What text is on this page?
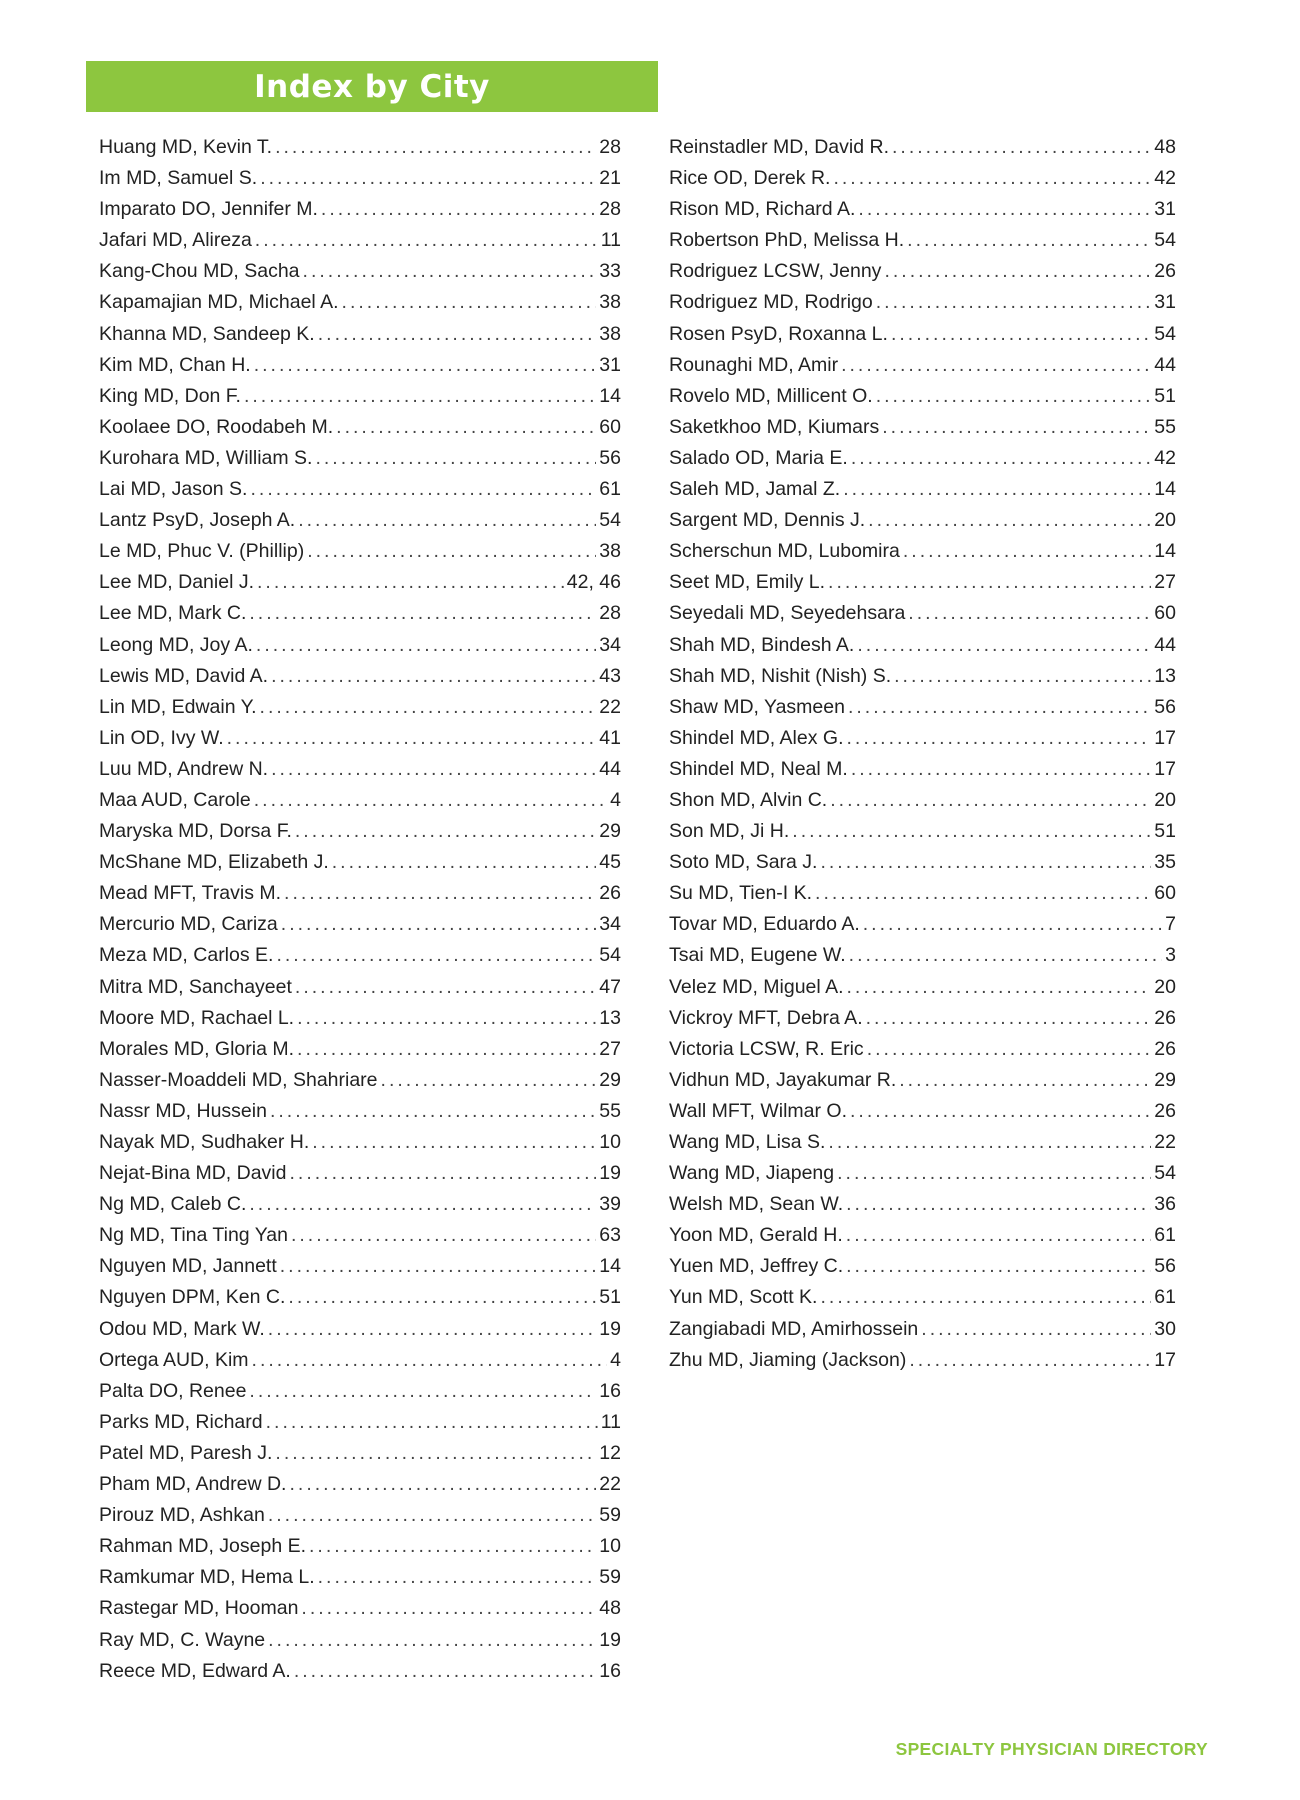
Index by City
Huang MD, Kevin T. .....	28
Im MD, Samuel S. .....	21
Imparato DO, Jennifer M. .....	28
Jafari MD, Alireza .....	11
Kang-Chou MD, Sacha .....	33
Kapamajian MD, Michael A. .....	38
Khanna MD, Sandeep K. .....	38
Kim MD, Chan H. .....	31
King MD, Don F. .....	14
Koolaee DO, Roodabeh M. .....	60
Kurohara MD, William S. .....	56
Lai MD, Jason S. .....	61
Lantz PsyD, Joseph A. .....	54
Le MD, Phuc V. (Phillip) .....	38
Lee MD, Daniel J. .....	42, 46
Lee MD, Mark C. .....	28
Leong MD, Joy A. .....	34
Lewis MD, David A. .....	43
Lin MD, Edwain Y. .....	22
Lin OD, Ivy W. .....	41
Luu MD, Andrew N. .....	44
Maa AUD, Carole .....	4
Maryska MD, Dorsa F. .....	29
McShane MD, Elizabeth J. .....	45
Mead MFT, Travis M. .....	26
Mercurio MD, Cariza .....	34
Meza MD, Carlos E. .....	54
Mitra MD, Sanchayeet .....	47
Moore MD, Rachael L. .....	13
Morales MD, Gloria M. .....	27
Nasser-Moaddeli MD, Shahriare .....	29
Nassr MD, Hussein .....	55
Nayak MD, Sudhaker H. .....	10
Nejat-Bina MD, David .....	19
Ng MD, Caleb C. .....	39
Ng MD, Tina Ting Yan .....	63
Nguyen MD, Jannett .....	14
Nguyen DPM, Ken C. .....	51
Odou MD, Mark W. .....	19
Ortega AUD, Kim .....	4
Palta DO, Renee .....	16
Parks MD, Richard .....	11
Patel MD, Paresh J. .....	12
Pham MD, Andrew D. .....	22
Pirouz MD, Ashkan .....	59
Rahman MD, Joseph E. .....	10
Ramkumar MD, Hema L. .....	59
Rastegar MD, Hooman .....	48
Ray MD, C. Wayne .....	19
Reece MD, Edward A. .....	16
Reinstadler MD, David R. .....	48
Rice OD, Derek R. .....	42
Rison MD, Richard A. .....	31
Robertson PhD, Melissa H. .....	54
Rodriguez LCSW, Jenny .....	26
Rodriguez MD, Rodrigo .....	31
Rosen PsyD, Roxanna L. .....	54
Rounaghi MD, Amir .....	44
Rovelo MD, Millicent O. .....	51
Saketkhoo MD, Kiumars .....	55
Salado OD, Maria E. .....	42
Saleh MD, Jamal Z. .....	14
Sargent MD, Dennis J. .....	20
Scherschun MD, Lubomira .....	14
Seet MD, Emily L. .....	27
Seyedali MD, Seyedehsara .....	60
Shah MD, Bindesh A. .....	44
Shah MD, Nishit (Nish) S. .....	13
Shaw MD, Yasmeen .....	56
Shindel MD, Alex G. .....	17
Shindel MD, Neal M. .....	17
Shon MD, Alvin C. .....	20
Son MD, Ji H. .....	51
Soto MD, Sara J. .....	35
Su MD, Tien-I K. .....	60
Tovar MD, Eduardo A. .....	7
Tsai MD, Eugene W. .....	3
Velez MD, Miguel A. .....	20
Vickroy MFT, Debra A. .....	26
Victoria LCSW, R. Eric .....	26
Vidhun MD, Jayakumar R. .....	29
Wall MFT, Wilmar O. .....	26
Wang MD, Lisa S. .....	22
Wang MD, Jiapeng .....	54
Welsh MD, Sean W. .....	36
Yoon MD, Gerald H. .....	61
Yuen MD, Jeffrey C. .....	56
Yun MD, Scott K. .....	61
Zangiabadi MD, Amirhossein .....	30
Zhu MD, Jiaming (Jackson) .....	17
SPECIALTY PHYSICIAN DIRECTORY
